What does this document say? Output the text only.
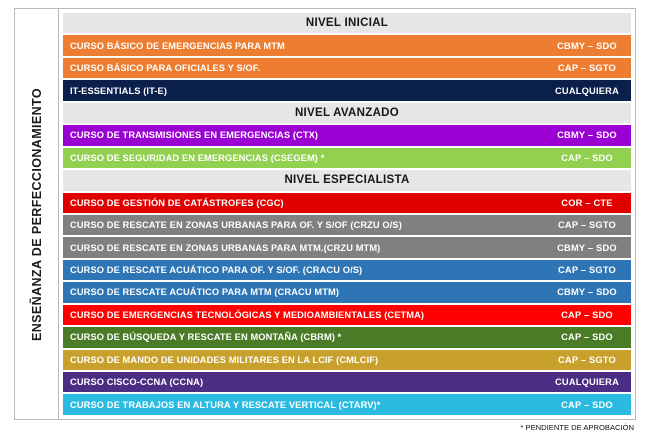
ENSEÑANZA DE PERFECCIONAMIENTO
NIVEL INICIAL
CURSO BÁSICO DE EMERGENCIAS PARA MTM	CBMY – SDO
CURSO BÁSICO PARA OFICIALES Y S/OF.	CAP – SGTO
IT-ESSENTIALS (IT-E)	CUALQUIERA
NIVEL AVANZADO
CURSO DE TRANSMISIONES EN EMERGENCIAS (CTX)	CBMY – SDO
CURSO DE SEGURIDAD EN EMERGENCIAS (CSEGEM) *	CAP – SDO
NIVEL ESPECIALISTA
CURSO DE GESTIÓN DE CATÁSTROFES (CGC)	COR – CTE
CURSO DE RESCATE EN ZONAS URBANAS PARA OF. Y S/OF (CRZU O/S)	CAP – SGTO
CURSO DE RESCATE EN ZONAS URBANAS PARA MTM.(CRZU MTM)	CBMY – SDO
CURSO DE RESCATE ACUÁTICO PARA OF. Y S/OF. (CRACU O/S)	CAP – SGTO
CURSO DE RESCATE ACUÁTICO PARA MTM (CRACU MTM)	CBMY – SDO
CURSO DE EMERGENCIAS TECNOLÓGICAS Y MEDIOAMBIENTALES (CETMA)	CAP – SDO
CURSO DE BÚSQUEDA Y RESCATE EN MONTAÑA (CBRM) *	CAP – SDO
CURSO DE MANDO DE UNIDADES MILITARES EN LA LCIF (CMLCIF)	CAP – SGTO
CURSO CISCO-CCNA (CCNA)	CUALQUIERA
CURSO DE TRABAJOS EN ALTURA Y RESCATE VERTICAL (CTARV)*	CAP – SDO
* PENDIENTE DE APROBACIÓN
